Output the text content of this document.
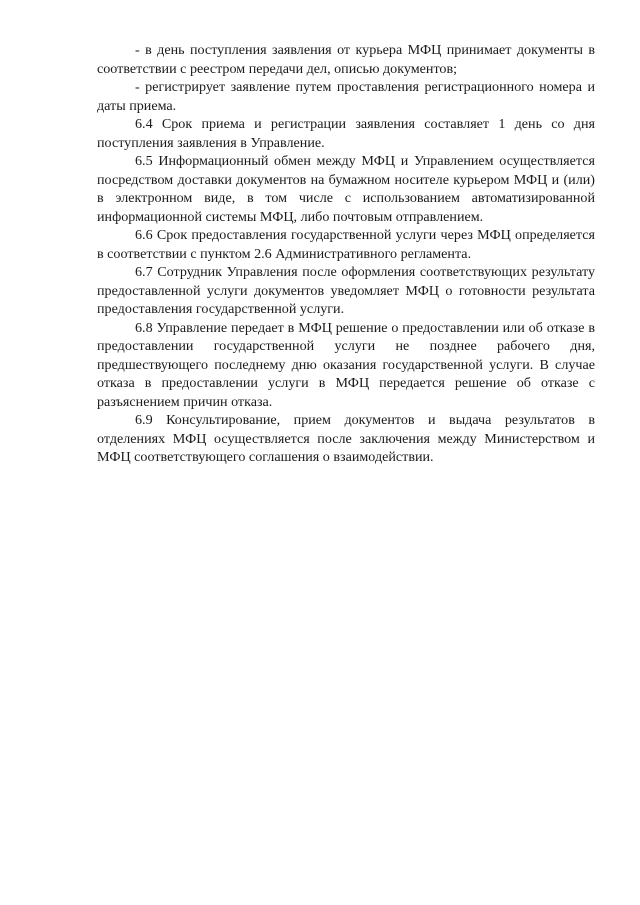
- в день поступления заявления от курьера МФЦ принимает документы в соответствии с реестром передачи дел, описью документов;

- регистрирует заявление путем проставления регистрационного номера и даты приема.

6.4 Срок приема и регистрации заявления составляет 1 день со дня поступления заявления в Управление.

6.5 Информационный обмен между МФЦ и Управлением осуществляется посредством доставки документов на бумажном носителе курьером МФЦ и (или) в электронном виде, в том числе с использованием автоматизированной информационной системы МФЦ, либо почтовым отправлением.

6.6 Срок предоставления государственной услуги через МФЦ определяется в соответствии с пунктом 2.6 Административного регламента.

6.7 Сотрудник Управления после оформления соответствующих результату предоставленной услуги документов уведомляет МФЦ о готовности результата предоставления государственной услуги.

6.8 Управление передает в МФЦ решение о предоставлении или об отказе в предоставлении государственной услуги не позднее рабочего дня, предшествующего последнему дню оказания государственной услуги. В случае отказа в предоставлении услуги в МФЦ передается решение об отказе с разъяснением причин отказа.

6.9 Консультирование, прием документов и выдача результатов в отделениях МФЦ осуществляется после заключения между Министерством и МФЦ соответствующего соглашения о взаимодействии.
